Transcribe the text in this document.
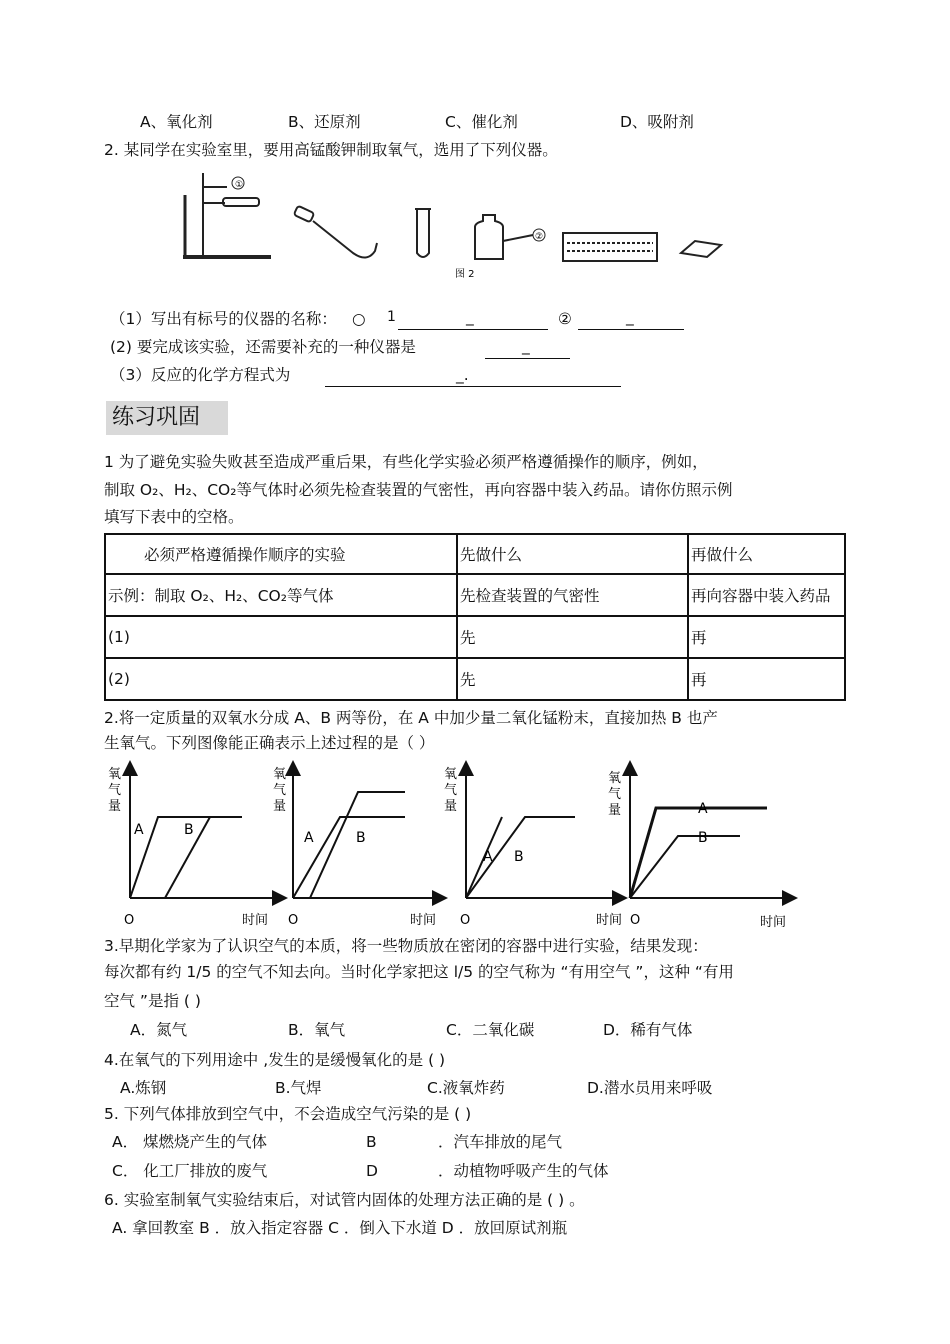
A、氧化剂	B、还原剂	C、催化剂	D、吸附剂
2. 某同学在实验室里，要用高锰酸钾制取氧气，选用了下列仪器。
①
②
图 2
（1）写出有标号的仪器的名称： ○ 1	_	②	_
(2) 要完成该实验，还需要补充的一种仪器是	_
（3）反应的化学方程式为	_.
练习巩固
1 为了避免实验失败甚至造成严重后果，有些化学实验必须严格遵循操作的顺序，例如，
制取 O₂、H₂、CO₂等气体时必须先检查装置的气密性，再向容器中装入药品。请你仿照示例
填写下表中的空格。
必须严格遵循操作顺序的实验	先做什么	再做什么
示例：制取 O₂、H₂、CO₂等气体	先检查装置的气密性	再向容器中装入药品
(1)	先	再
(2)	先	再
2.将一定质量的双氧水分成 A、B 两等份，在 A 中加少量二氧化锰粉末，直接加热 B 也产
生氧气。下列图像能正确表示上述过程的是（ ）
氧
气
量
A	B
O	时间
氧
气
量
A	B
O
氧
气
量
A B
时间 O	时间
氧
气
量	A
B
O	时间
3.早期化学家为了认识空气的本质，将一些物质放在密闭的容器中进行实验，结果发现：
每次都有约 1/5 的空气不知去向。当时化学家把这 l/5 的空气称为 “有用空气 ”，这种 “有用
空气 ”是指 ( )
A．氮气	B．氧气	C．二氧化碳	D．稀有气体
4.在氧气的下列用途中 ,发生的是缓慢氧化的是 ( )
A.炼钢	B.气焊	C.液氧炸药	D.潜水员用来呼吸
5. 下列气体排放到空气中，不会造成空气污染的是 ( )
A． 煤燃烧产生的气体	B	．汽车排放的尾气
C． 化工厂排放的废气	D	．动植物呼吸产生的气体
6. 实验室制氧气实验结束后，对试管内固体的处理方法正确的是 ( ) 。
A. 拿回教室 B ．放入指定容器 C ．倒入下水道 D ．放回原试剂瓶
